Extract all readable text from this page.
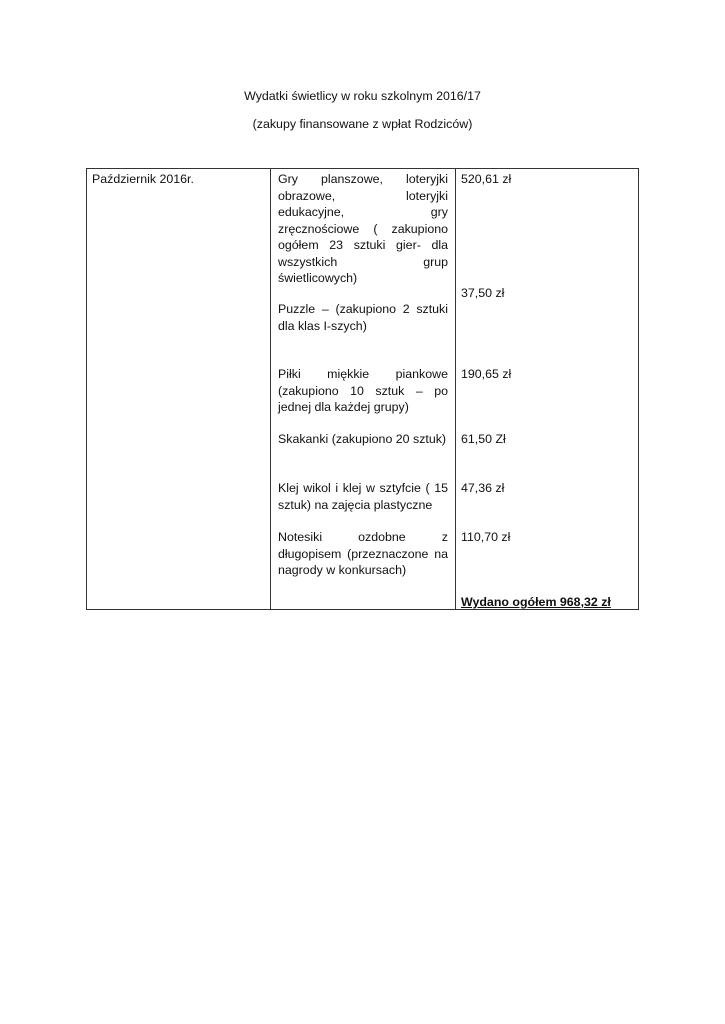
Wydatki świetlicy w roku szkolnym 2016/17
(zakupy finansowane z wpłat Rodziców)
Październik 2016r.	Gry planszowe, loteryjki obrazowe, loteryjki edukacyjne, gry zręcznościowe ( zakupiono ogółem 23 sztuki gier- dla wszystkich grup świetlicowych)
520,61 zł
Puzzle – (zakupiono 2 sztuki dla klas I-szych)
37,50 zł
Piłki miękkie piankowe (zakupiono 10 sztuk – po jednej dla każdej grupy)
190,65 zł
Skakanki (zakupiono 20 sztuk) 61,50 Zł
Klej wikol i klej w sztyfcie ( 15 sztuk) na zajęcia plastyczne
47,36 zł
Notesiki ozdobne z długopisem (przeznaczone na nagrody w konkursach)
110,70 zł
Wydano ogółem 968,32 zł
